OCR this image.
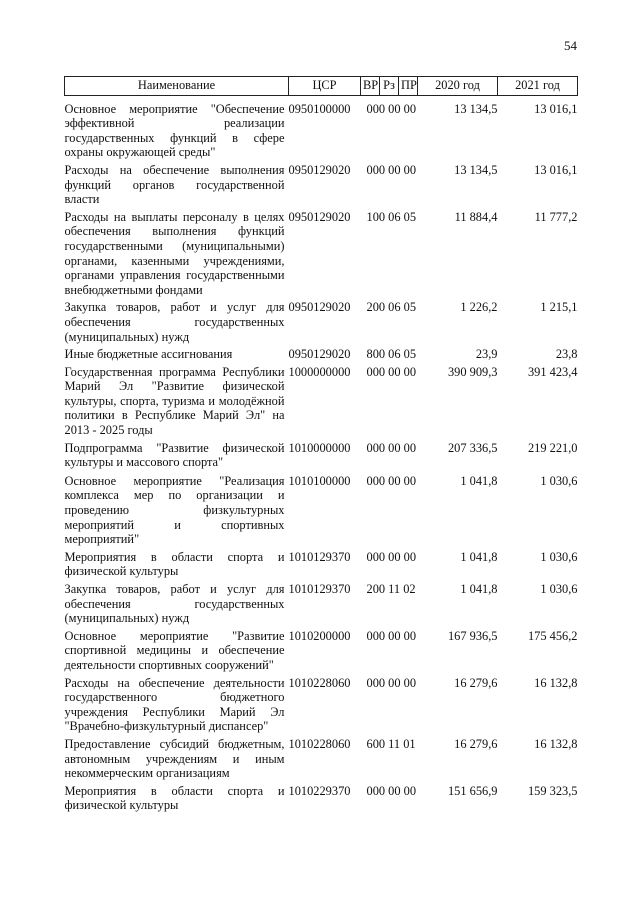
54
Наименование	ЦСР	ВР	Рз	ПР	2020 год	2021 год
Основное мероприятие "Обеспечение эффективной реализации государственных функций в сфере охраны окружающей среды"	0950100000	000 00 00			13 134,5	13 016,1
Расходы на обеспечение выполнения функций органов государственной власти	0950129020	000 00 00			13 134,5	13 016,1
Расходы на выплаты персоналу в целях обеспечения выполнения функций государственными (муниципальными) органами, казенными учреждениями, органами управления государственными внебюджетными фондами	0950129020	100 06 05			11 884,4	11 777,2
Закупка товаров, работ и услуг для обеспечения государственных (муниципальных) нужд	0950129020	200 06 05			1 226,2	1 215,1
Иные бюджетные ассигнования	0950129020	800 06 05			23,9	23,8
Государственная программа Республики Марий Эл "Развитие физической культуры, спорта, туризма и молодёжной политики в Республике Марий Эл" на 2013 - 2025 годы	1000000000	000 00 00			390 909,3	391 423,4
Подпрограмма "Развитие физической культуры и массового спорта"	1010000000	000 00 00			207 336,5	219 221,0
Основное мероприятие "Реализация комплекса мер по организации и проведению физкультурных мероприятий и спортивных мероприятий"	1010100000	000 00 00			1 041,8	1 030,6
Мероприятия в области спорта и физической культуры	1010129370	000 00 00			1 041,8	1 030,6
Закупка товаров, работ и услуг для обеспечения государственных (муниципальных) нужд	1010129370	200 11 02			1 041,8	1 030,6
Основное мероприятие "Развитие спортивной медицины и обеспечение деятельности спортивных сооружений"	1010200000	000 00 00			167 936,5	175 456,2
Расходы на обеспечение деятельности государственного бюджетного учреждения Республики Марий Эл "Врачебно-физкультурный диспансер"	1010228060	000 00 00			16 279,6	16 132,8
Предоставление субсидий бюджетным, автономным учреждениям и иным некоммерческим организациям	1010228060	600 11 01			16 279,6	16 132,8
Мероприятия в области спорта и физической культуры	1010229370	000 00 00			151 656,9	159 323,5
